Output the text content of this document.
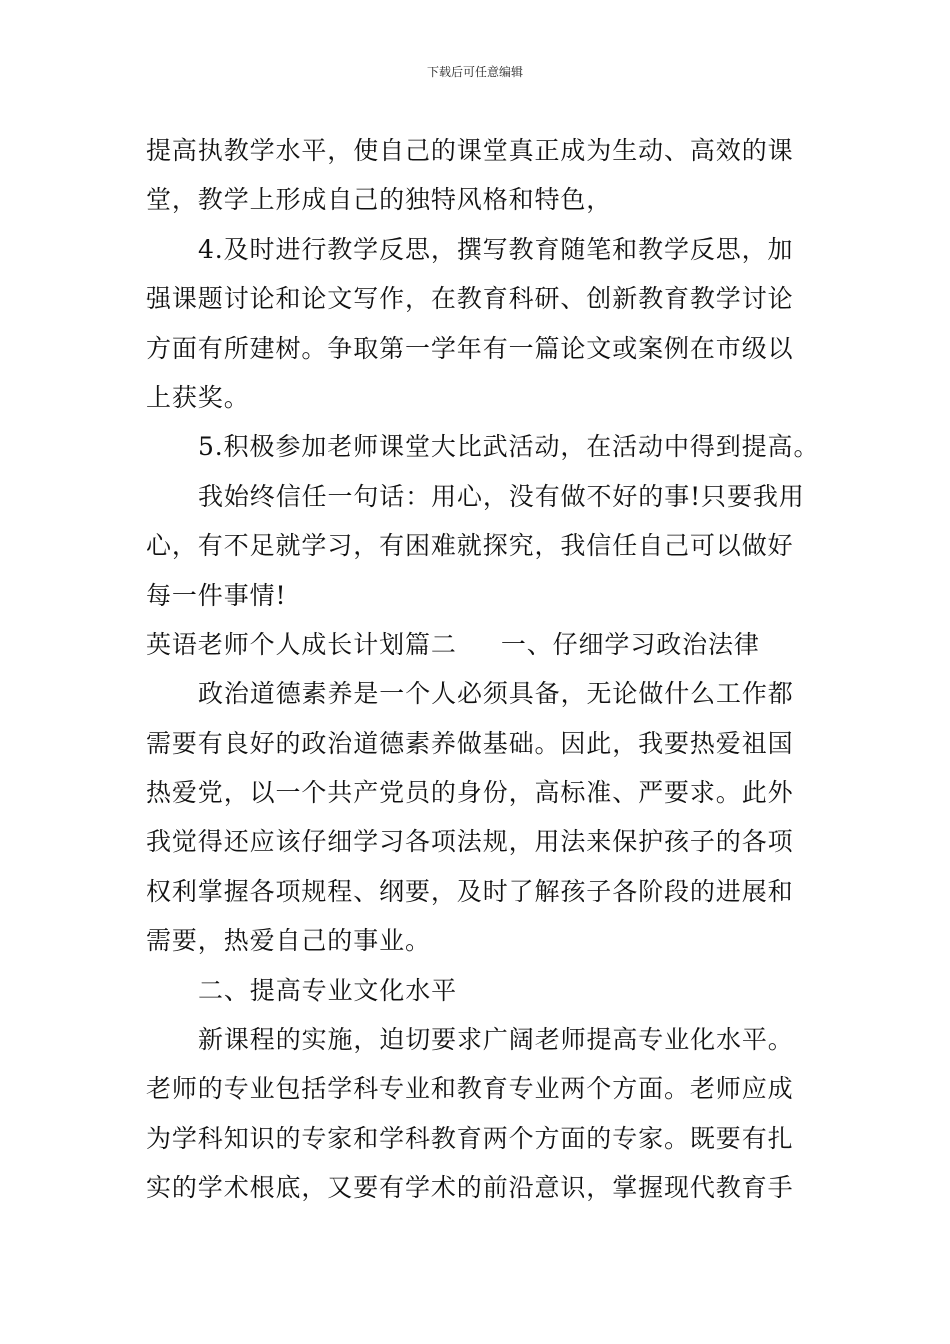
下载后可任意编辑
提高执教学水平，使自己的课堂真正成为生动、高效的课
堂，教学上形成自己的独特风格和特色，
4.及时进行教学反思，撰写教育随笔和教学反思，加
强课题讨论和论文写作，在教育科研、创新教育教学讨论
方面有所建树。争取第一学年有一篇论文或案例在市级以
上获奖。
5.积极参加老师课堂大比武活动，在活动中得到提高。
我始终信任一句话：用心，没有做不好的事!只要我用
心，有不足就学习，有困难就探究，我信任自己可以做好
每一件事情!
英语老师个人成长计划篇二 一、仔细学习政治法律
政治道德素养是一个人必须具备，无论做什么工作都
需要有良好的政治道德素养做基础。因此，我要热爱祖国
热爱党，以一个共产党员的身份，高标准、严要求。此外
我觉得还应该仔细学习各项法规，用法来保护孩子的各项
权利掌握各项规程、纲要，及时了解孩子各阶段的进展和
需要，热爱自己的事业。
二、提高专业文化水平
新课程的实施，迫切要求广阔老师提高专业化水平。
老师的专业包括学科专业和教育专业两个方面。老师应成
为学科知识的专家和学科教育两个方面的专家。既要有扎
实的学术根底，又要有学术的前沿意识，掌握现代教育手
